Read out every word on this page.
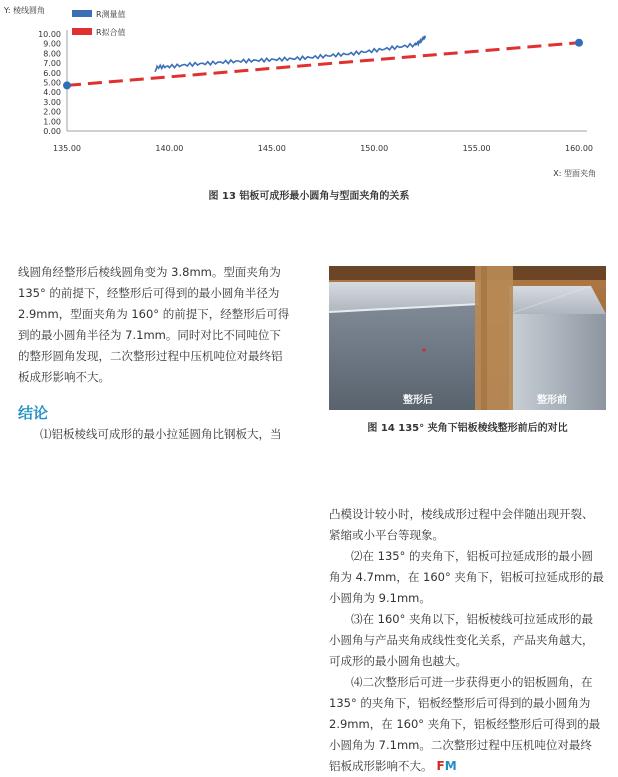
0.00
1.00
2.00
3.00
4.00
5.00
6.00
7.00
8.00
9.00
10.00
135.00	140.00	145.00	150.00	155.00	160.00
Y: 棱线圆角
X: 型面夹角
R测量值
R拟合值
图 13 铝板可成形最小圆角与型面夹角的关系
线圆角经整形后棱线圆角变为 3.8mm。型面夹角为
135° 的前提下，经整形后可得到的最小圆角半径为
2.9mm，型面夹角为 160° 的前提下，经整形后可得
到的最小圆角半径为 7.1mm。同时对比不同吨位下
的整形圆角发现，二次整形过程中压机吨位对最终铝
板成形影响不大。
结论
⑴铝板棱线可成形的最小拉延圆角比钢板大，当
整形后	整形前
图 14 135° 夹角下铝板棱线整形前后的对比
凸模设计较小时，棱线成形过程中会伴随出现开裂、
紧缩或小平台等现象。
⑵在 135° 的夹角下，铝板可拉延成形的最小圆
角为 4.7mm，在 160° 夹角下，铝板可拉延成形的最
小圆角为 9.1mm。
⑶在 160° 夹角以下，铝板棱线可拉延成形的最
小圆角与产品夹角成线性变化关系，产品夹角越大，
可成形的最小圆角也越大。
⑷二次整形后可进一步获得更小的铝板圆角，在
135° 的夹角下，铝板经整形后可得到的最小圆角为
2.9mm，在 160° 夹角下，铝板经整形后可得到的最
小圆角为 7.1mm。二次整形过程中压机吨位对最终
铝板成形影响不大。 FM
